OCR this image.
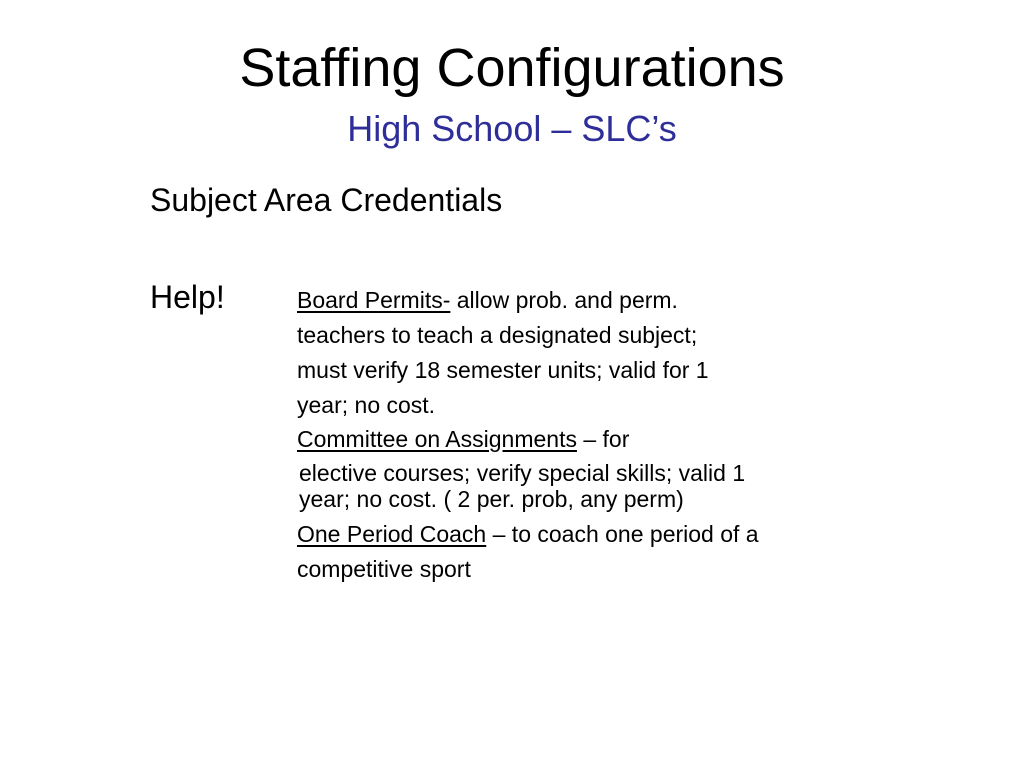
Staffing Configurations
High School – SLC’s
Subject Area Credentials
Help!	Board Permits- allow prob. and perm.
teachers to teach a designated subject;
must verify 18 semester units; valid for 1
year; no cost.
Committee on Assignments – for
elective courses; verify special skills; valid 1
year; no cost. ( 2 per. prob, any perm)
One Period Coach – to coach one period of a
competitive sport
